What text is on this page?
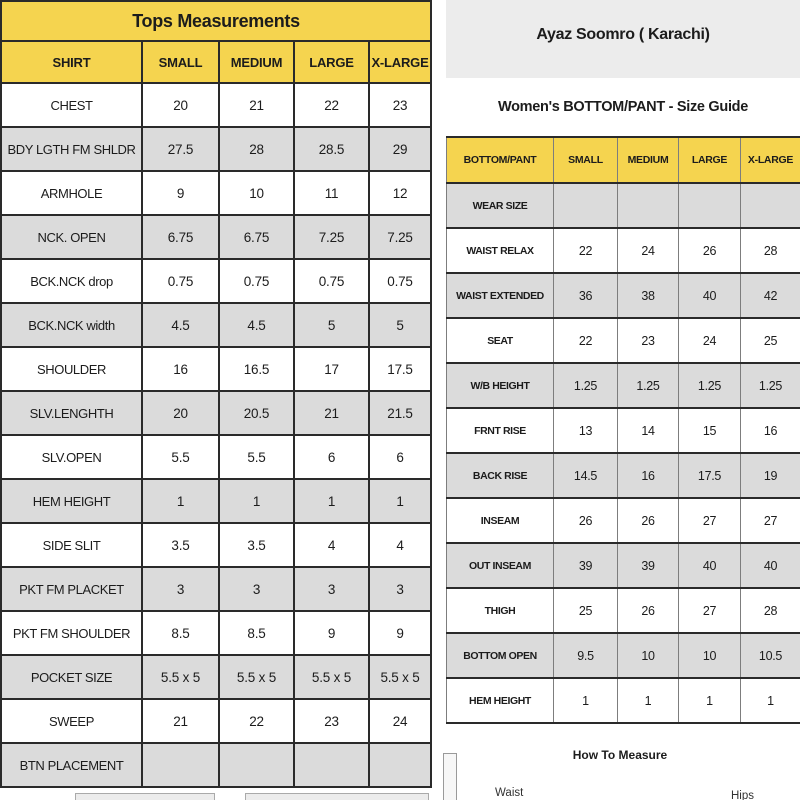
Tops Measurements				
SHIRT	SMALL	MEDIUM	LARGE	X-LARGE
CHEST	20	21	22	23
BDY LGTH FM SHLDR	27.5	28	28.5	29
ARMHOLE	9	10	11	12
NCK. OPEN	6.75	6.75	7.25	7.25
BCK.NCK drop	0.75	0.75	0.75	0.75
BCK.NCK width	4.5	4.5	5	5
SHOULDER	16	16.5	17	17.5
SLV.LENGHTH	20	20.5	21	21.5
SLV.OPEN	5.5	5.5	6	6
HEM HEIGHT	1	1	1	1
SIDE SLIT	3.5	3.5	4	4
PKT FM PLACKET	3	3	3	3
PKT FM SHOULDER	8.5	8.5	9	9
POCKET SIZE	5.5 x 5	5.5 x 5	5.5 x 5	5.5 x 5
SWEEP	21	22	23	24
BTN PLACEMENT				
Ayaz Soomro ( Karachi)
Women's BOTTOM/PANT - Size Guide
BOTTOM/PANT	SMALL	MEDIUM	LARGE	X-LARGE
WEAR SIZE				
WAIST RELAX	22	24	26	28
WAIST EXTENDED	36	38	40	42
SEAT	22	23	24	25
W/B HEIGHT	1.25	1.25	1.25	1.25
FRNT RISE	13	14	15	16
BACK RISE	14.5	16	17.5	19
INSEAM	26	26	27	27
OUT INSEAM	39	39	40	40
THIGH	25	26	27	28
BOTTOM OPEN	9.5	10	10	10.5
HEM HEIGHT	1	1	1	1
How To Measure
Waist	Hips
